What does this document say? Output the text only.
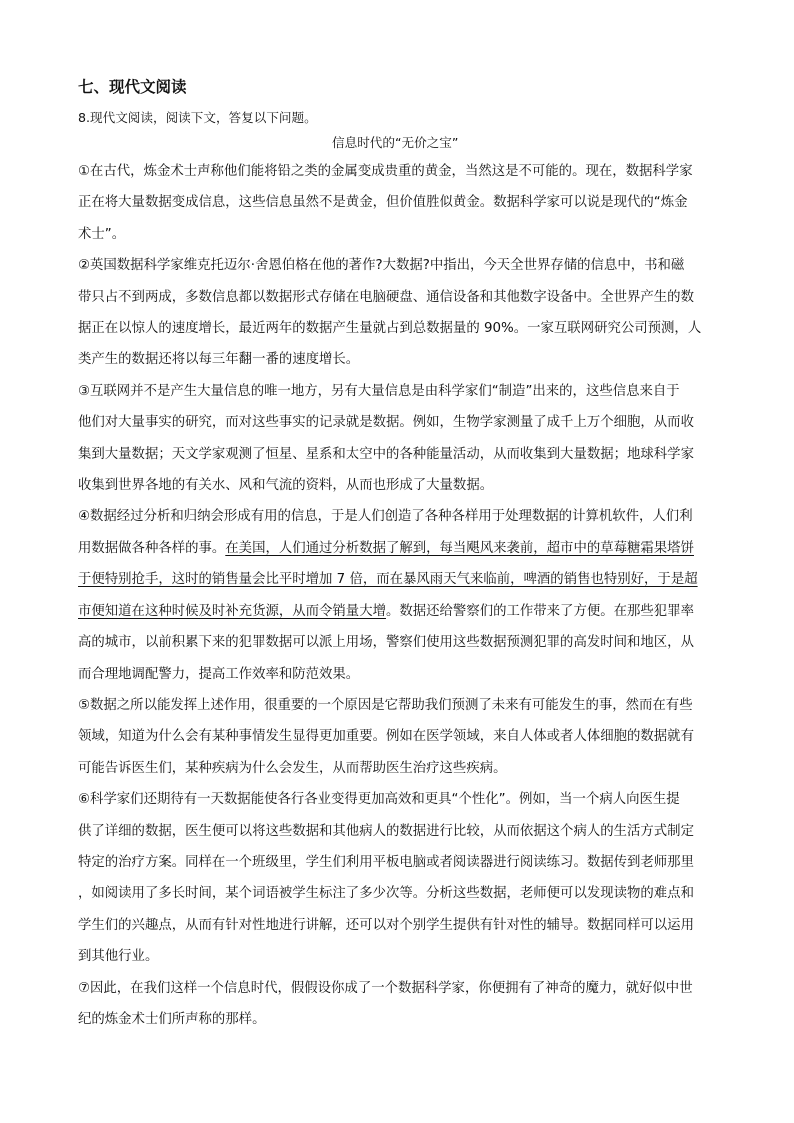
七、现代文阅读
8.现代文阅读，阅读下文，答复以下问题。
信息时代的“无价之宝”
①在古代，炼金术士声称他们能将铅之类的金属变成贵重的黄金，当然这是不可能的。现在，数据科学家
正在将大量数据变成信息，这些信息虽然不是黄金，但价值胜似黄金。数据科学家可以说是现代的“炼金
术士”。
②英国数据科学家维克托迈尔·舍恩伯格在他的著作?大数据?中指出，今天全世界存储的信息中，书和磁
带只占不到两成，多数信息都以数据形式存储在电脑硬盘、通信设备和其他数字设备中。全世界产生的数
据正在以惊人的速度增长，最近两年的数据产生量就占到总数据量的 90%。一家互联网研究公司预测，人
类产生的数据还将以每三年翻一番的速度增长。
③互联网并不是产生大量信息的唯一地方，另有大量信息是由科学家们“制造”出来的，这些信息来自于
他们对大量事实的研究，而对这些事实的记录就是数据。例如，生物学家测量了成千上万个细胞，从而收
集到大量数据；天文学家观测了恒星、星系和太空中的各种能量活动，从而收集到大量数据；地球科学家
收集到世界各地的有关水、风和气流的资料，从而也形成了大量数据。
④数据经过分析和归纳会形成有用的信息，于是人们创造了各种各样用于处理数据的计算机软件，人们利
用数据做各种各样的事。在美国，人们通过分析数据了解到，每当飓风来袭前，超市中的草莓糖霜果塔饼
于便特别抢手，这时的销售量会比平时增加 7 倍，而在暴风雨天气来临前，啤酒的销售也特别好，于是超
市便知道在这种时候及时补充货源，从而令销量大增。数据还给警察们的工作带来了方便。在那些犯罪率
高的城市，以前积累下来的犯罪数据可以派上用场，警察们使用这些数据预测犯罪的高发时间和地区，从
而合理地调配警力，提高工作效率和防范效果。
⑤数据之所以能发挥上述作用，很重要的一个原因是它帮助我们预测了未来有可能发生的事，然而在有些
领域，知道为什么会有某种事情发生显得更加重要。例如在医学领域，来自人体或者人体细胞的数据就有
可能告诉医生们，某种疾病为什么会发生，从而帮助医生治疗这些疾病。
⑥科学家们还期待有一天数据能使各行各业变得更加高效和更具“个性化”。例如，当一个病人向医生提
供了详细的数据，医生便可以将这些数据和其他病人的数据进行比较，从而依据这个病人的生活方式制定
特定的治疗方案。同样在一个班级里，学生们利用平板电脑或者阅读器进行阅读练习。数据传到老师那里
，如阅读用了多长时间，某个词语被学生标注了多少次等。分析这些数据，老师便可以发现读物的难点和
学生们的兴趣点，从而有针对性地进行讲解，还可以对个别学生提供有针对性的辅导。数据同样可以运用
到其他行业。
⑦因此，在我们这样一个信息时代，假假设你成了一个数据科学家，你便拥有了神奇的魔力，就好似中世
纪的炼金术士们所声称的那样。
